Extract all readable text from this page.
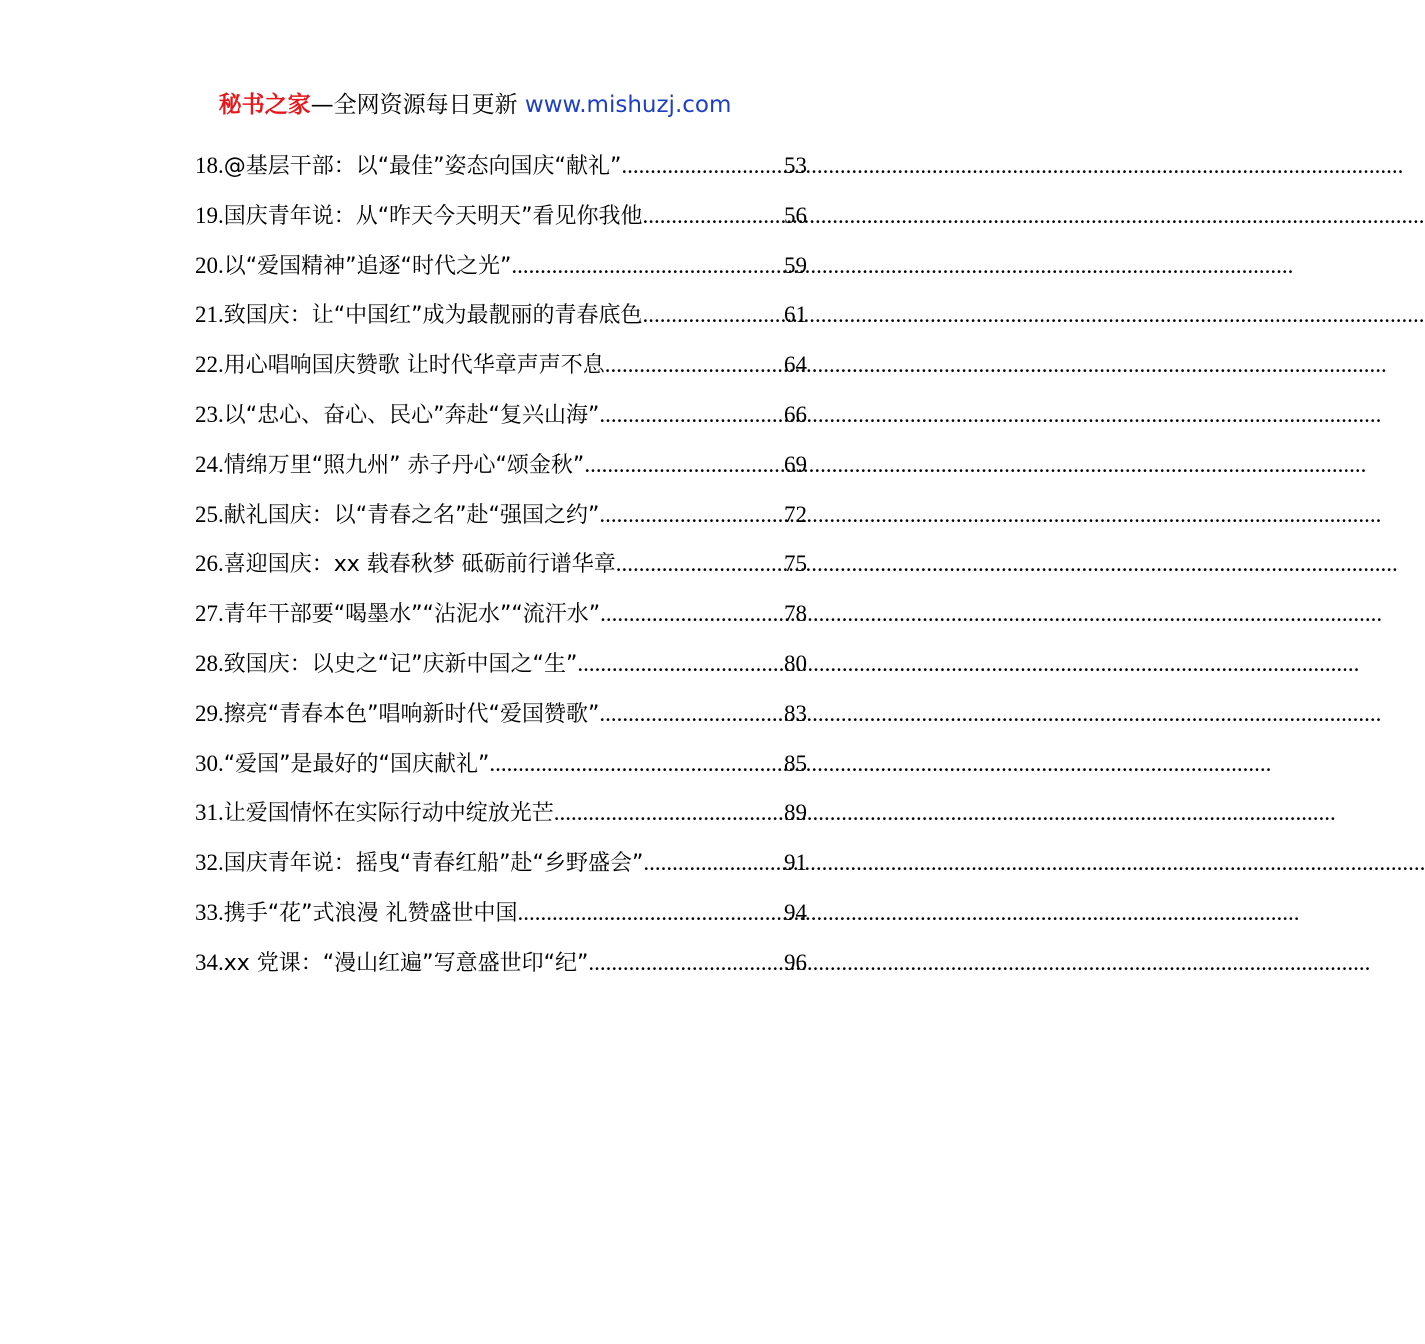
秘书之家—全网资源每日更新 www.mishuzj.com
18.@基层干部：以“最佳”姿态向国庆“献礼” .....	53
19.国庆青年说：从“昨天今天明天”看见你我他 .....	56
20.以“爱国精神”追逐“时代之光” .....	59
21.致国庆：让“中国红”成为最靓丽的青春底色 .....	61
22.用心唱响国庆赞歌 让时代华章声声不息 .....	64
23.以“忠心、奋心、民心”奔赴“复兴山海” .....	66
24.情绵万里“照九州” 赤子丹心“颂金秋” .....	69
25.献礼国庆：以“青春之名”赴“强国之约” .....	72
26.喜迎国庆：xx 载春秋梦 砥砺前行谱华章 .....	75
27.青年干部要“喝墨水”“沾泥水”“流汗水” .....	78
28.致国庆：以史之“记”庆新中国之“生” .....	80
29.擦亮“青春本色”唱响新时代“爱国赞歌” .....	83
30.“爱国”是最好的“国庆献礼” .....	85
31.让爱国情怀在实际行动中绽放光芒 .....	89
32.国庆青年说：摇曳“青春红船”赴“乡野盛会” .....	91
33.携手“花”式浪漫 礼赞盛世中国 .....	94
34.xx 党课：“漫山红遍”写意盛世印“纪” .....	96
